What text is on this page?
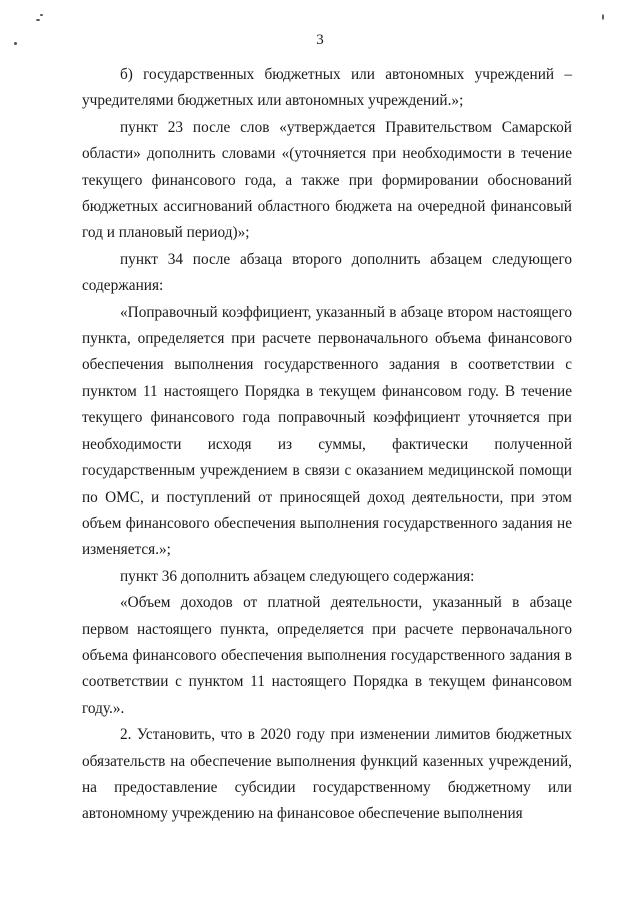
3

б) государственных бюджетных или автономных учреждений – учредителями бюджетных или автономных учреждений.»;

пункт 23 после слов «утверждается Правительством Самарской области» дополнить словами «(уточняется при необходимости в течение текущего финансового года, а также при формировании обоснований бюджетных ассигнований областного бюджета на очередной финансовый год и плановый период)»;

пункт 34 после абзаца второго дополнить абзацем следующего содержания:

«Поправочный коэффициент, указанный в абзаце втором настоящего пункта, определяется при расчете первоначального объема финансового обеспечения выполнения государственного задания в соответствии с пунктом 11 настоящего Порядка в текущем финансовом году. В течение текущего финансового года поправочный коэффициент уточняется при необходимости исходя из суммы, фактически полученной государственным учреждением в связи с оказанием медицинской помощи по ОМС, и поступлений от приносящей доход деятельности, при этом объем финансового обеспечения выполнения государственного задания не изменяется.»;

пункт 36 дополнить абзацем следующего содержания:

«Объем доходов от платной деятельности, указанный в абзаце первом настоящего пункта, определяется при расчете первоначального объема финансового обеспечения выполнения государственного задания в соответствии с пунктом 11 настоящего Порядка в текущем финансовом году.».

2. Установить, что в 2020 году при изменении лимитов бюджетных обязательств на обеспечение выполнения функций казенных учреждений, на предоставление субсидии государственному бюджетному или автономному учреждению на финансовое обеспечение выполнения
